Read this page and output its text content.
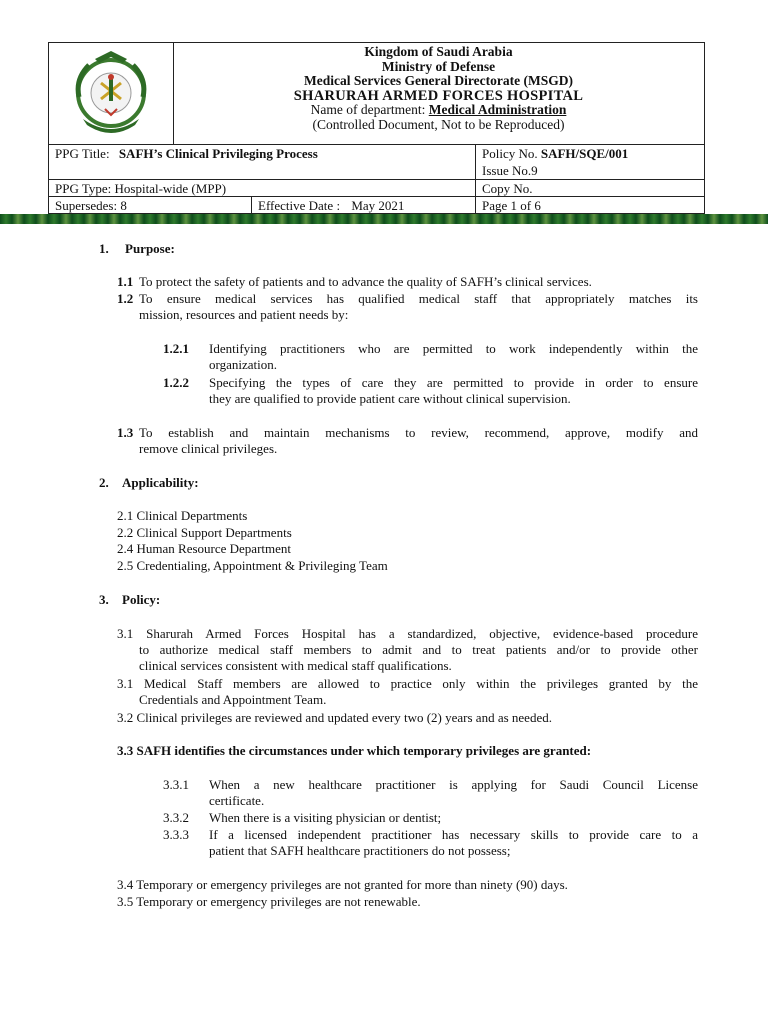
Kingdom of Saudi Arabia
Ministry of Defense
Medical Services General Directorate (MSGD)
SHARURAH ARMED FORCES HOSPITAL
Name of department: Medical Administration
(Controlled Document, Not to be Reproduced)
PPG Title: SAFH’s Clinical Privileging Process	Policy No. SAFH/SQE/001
Issue No.9
PPG Type: Hospital-wide (MPP)	Copy No.
Supersedes: 8	Effective Date : May 2021	Page 1 of 6
1. Purpose:
1.1 To protect the safety of patients and to advance the quality of SAFH’s clinical services.
1.2 To ensure medical services has qualified medical staff that appropriately matches its
mission, resources and patient needs by:
1.2.1 Identifying practitioners who are permitted to work independently within the
organization.
1.2.2 Specifying the types of care they are permitted to provide in order to ensure
they are qualified to provide patient care without clinical supervision.
1.3 To establish and maintain mechanisms to review, recommend, approve, modify and
remove clinical privileges.
2. Applicability:
2.1 Clinical Departments
2.2 Clinical Support Departments
2.4 Human Resource Department
2.5 Credentialing, Appointment & Privileging Team
3. Policy:
3.1 Sharurah Armed Forces Hospital has a standardized, objective, evidence-based procedure
to authorize medical staff members to admit and to treat patients and/or to provide other
clinical services consistent with medical staff qualifications.
3.1 Medical Staff members are allowed to practice only within the privileges granted by the
Credentials and Appointment Team.
3.2 Clinical privileges are reviewed and updated every two (2) years and as needed.
3.3 SAFH identifies the circumstances under which temporary privileges are granted:
3.3.1 When a new healthcare practitioner is applying for Saudi Council License
certificate.
3.3.2 When there is a visiting physician or dentist;
3.3.3 If a licensed independent practitioner has necessary skills to provide care to a
patient that SAFH healthcare practitioners do not possess;
3.4 Temporary or emergency privileges are not granted for more than ninety (90) days.
3.5 Temporary or emergency privileges are not renewable.
